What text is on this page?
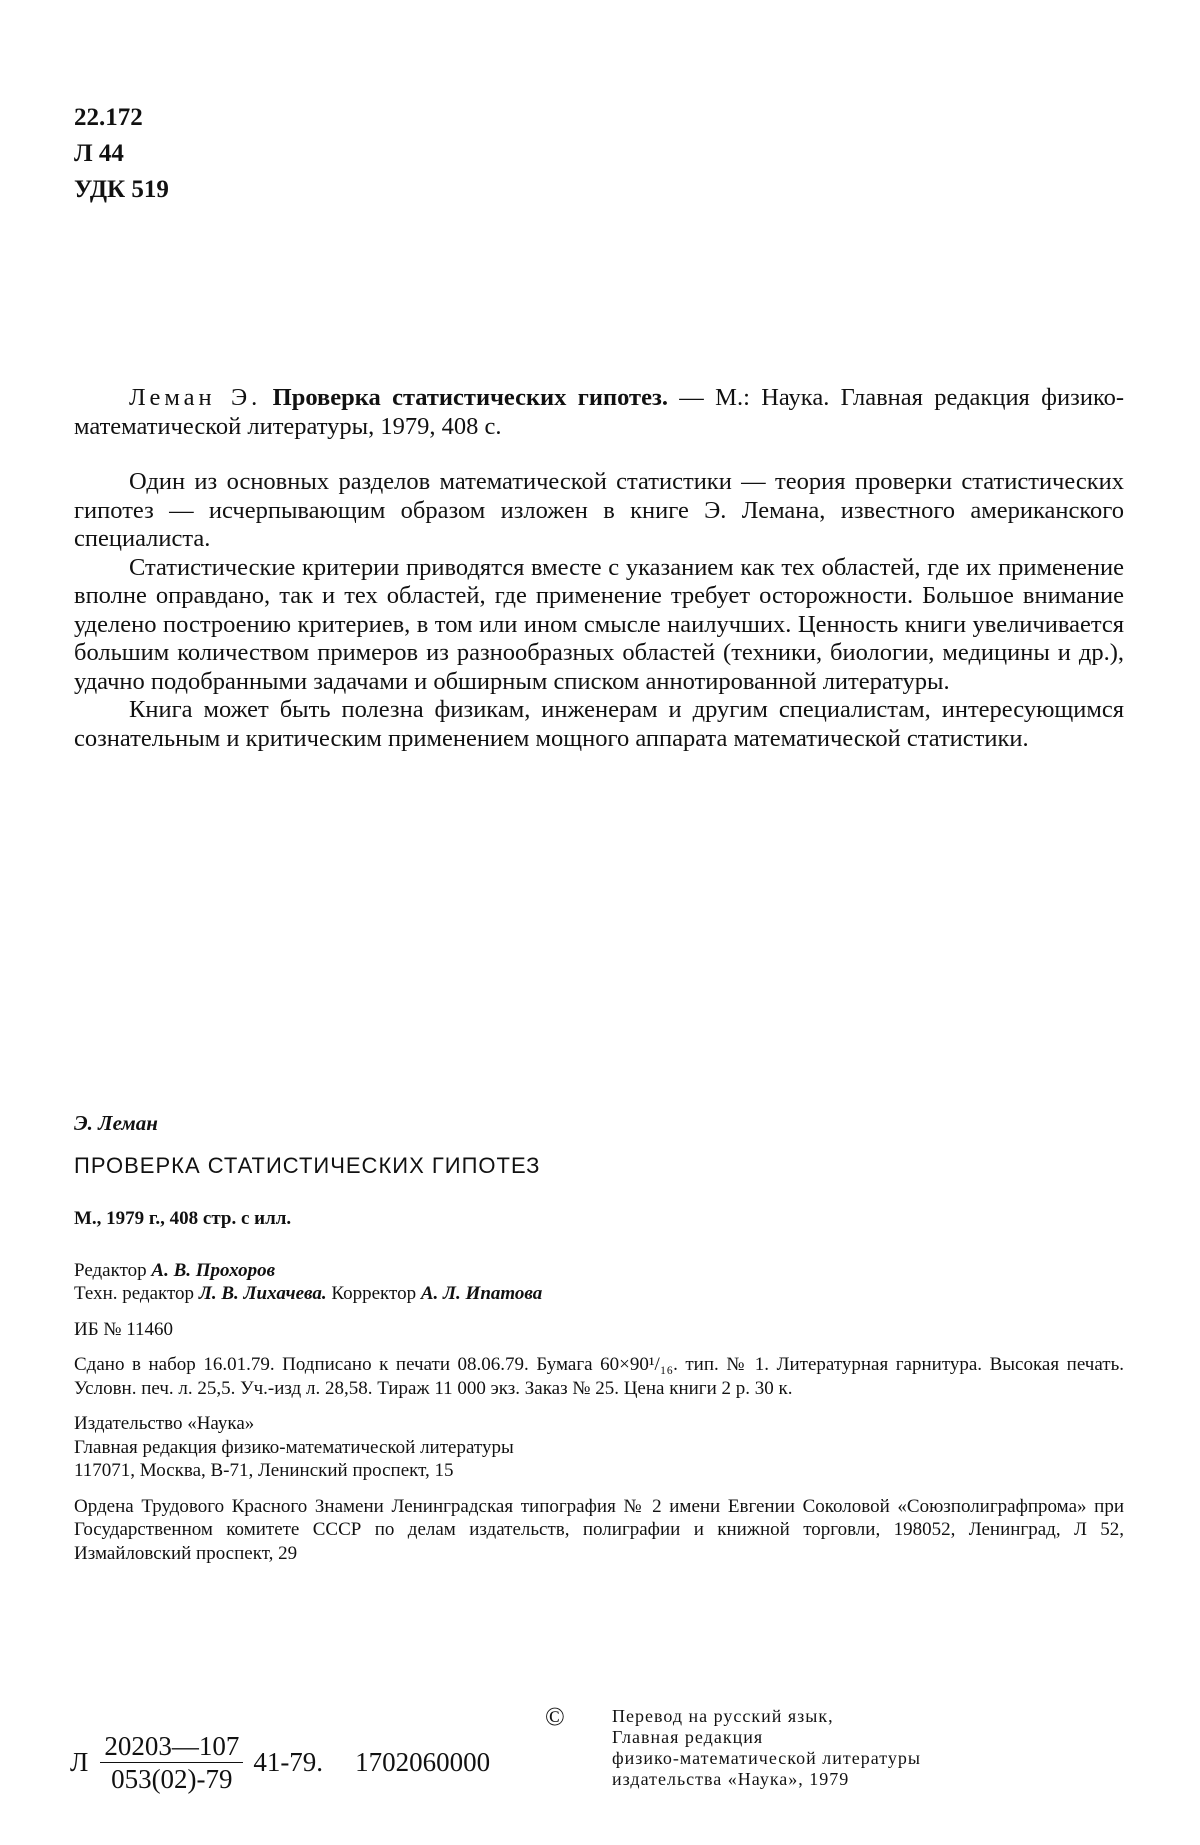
22.172
Л 44
УДК 519

Леман Э. Проверка статистических гипотез. — М.: Наука. Главная редакция физико-математической литературы, 1979, 408 с.

Один из основных разделов математической статистики — теория проверки статистических гипотез — исчерпывающим образом изложен в книге Э. Лемана, известного американского специалиста.

Статистические критерии приводятся вместе с указанием как тех областей, где их применение вполне оправдано, так и тех областей, где применение требует осторожности. Большое внимание уделено построению критериев, в том или ином смысле наилучших. Ценность книги увеличивается большим количеством примеров из разнообразных областей (техники, биологии, медицины и др.), удачно подобранными задачами и обширным списком аннотированной литературы.

Книга может быть полезна физикам, инженерам и другим специалистам, интересующимся сознательным и критическим применением мощного аппарата математической статистики.

Э. Леман

ПРОВЕРКА СТАТИСТИЧЕСКИХ ГИПОТЕЗ

М., 1979 г., 408 стр. с илл.

Редактор А. В. Прохоров

Техн. редактор Л. В. Лихачева. Корректор А. Л. Ипатова

ИБ № 11460

Сдано в набор 16.01.79. Подписано к печати 08.06.79. Бумага 60×90¹/₁₆. тип. № 1. Литературная гарнитура. Высокая печать. Условн. печ. л. 25,5. Уч.-изд л. 28,58. Тираж 11 000 экз. Заказ № 25. Цена книги 2 р. 30 к.

Издательство «Наука»

Главная редакция физико-математической литературы

117071, Москва, В-71, Ленинский проспект, 15

Ордена Трудового Красного Знамени Ленинградская типография № 2 имени Евгении Соколовой «Союзполиграфпрома» при Государственном комитете СССР по делам издательств, полиграфии и книжной торговли, 198052, Ленинград, Л 52, Измайловский проспект, 29

Л
20203—107
053(02)-79
41-79. 1702060000
©	Перевод на русский язык,
Главная редакция
физико-математической литературы
издательства «Наука», 1979
